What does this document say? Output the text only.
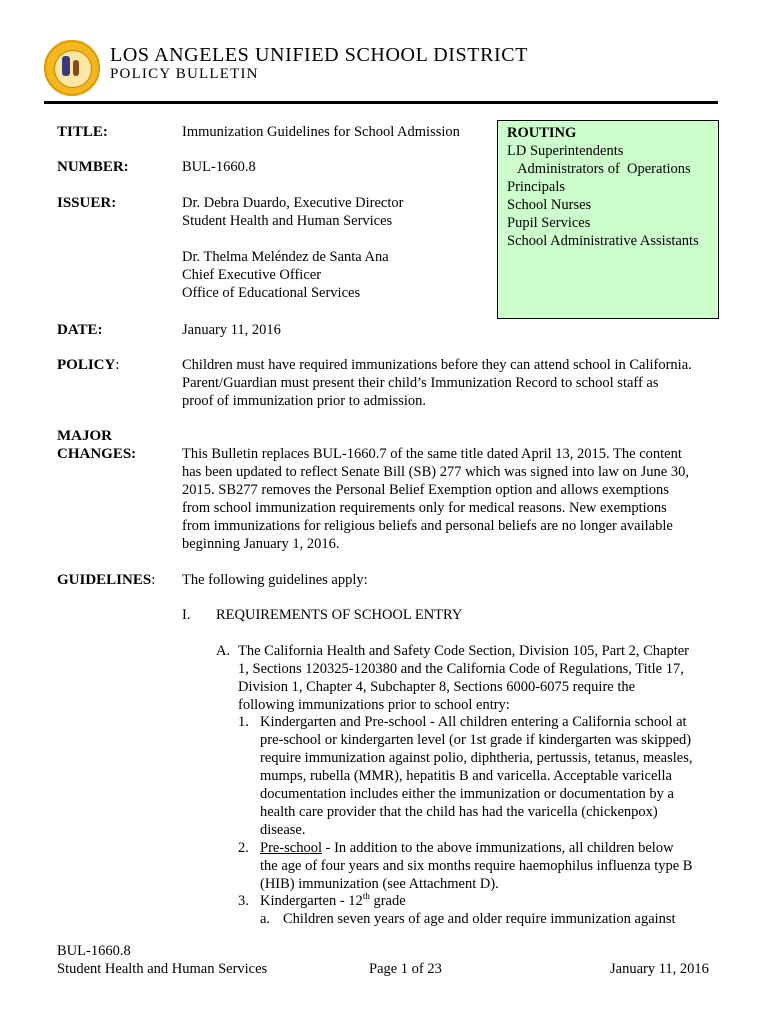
LOS ANGELES UNIFIED SCHOOL DISTRICT
POLICY BULLETIN
TITLE:	Immunization Guidelines for School Admission
NUMBER:	BUL-1660.8
ISSUER:	Dr. Debra Duardo, Executive Director
Student Health and Human Services
Dr. Thelma Meléndez de Santa Ana
Chief Executive Officer
Office of Educational Services
ROUTING
LD Superintendents
Administrators of  Operations
Principals
School Nurses
Pupil Services
School Administrative Assistants
DATE:	January 11, 2016
POLICY:	Children must have required immunizations before they can attend school in California.
Parent/Guardian must present their child’s Immunization Record to school staff as
proof of immunization prior to admission.
MAJOR
CHANGES:	This Bulletin replaces BUL-1660.7 of the same title dated April 13, 2015. The content
has been updated to reflect Senate Bill (SB) 277 which was signed into law on June 30,
2015. SB277 removes the Personal Belief Exemption option and allows exemptions
from school immunization requirements only for medical reasons. New exemptions
from immunizations for religious beliefs and personal beliefs are no longer available
beginning January 1, 2016.
GUIDELINES: The following guidelines apply:
I. REQUIREMENTS OF SCHOOL ENTRY
A. The California Health and Safety Code Section, Division 105, Part 2, Chapter
1, Sections 120325-120380 and the California Code of Regulations, Title 17,
Division 1, Chapter 4, Subchapter 8, Sections 6000-6075 require the
following immunizations prior to school entry:
1. Kindergarten and Pre-school - All children entering a California school at
pre-school or kindergarten level (or 1st grade if kindergarten was skipped)
require immunization against polio, diphtheria, pertussis, tetanus, measles,
mumps, rubella (MMR), hepatitis B and varicella. Acceptable varicella
documentation includes either the immunization or documentation by a
health care provider that the child has had the varicella (chickenpox)
disease.
2. Pre-school - In addition to the above immunizations, all children below
the age of four years and six months require haemophilus influenza type B
(HIB) immunization (see Attachment D).
3. Kindergarten - 12th grade
a. Children seven years of age and older require immunization against
BUL-1660.8
Student Health and Human Services	Page 1 of 23	January 11, 2016
